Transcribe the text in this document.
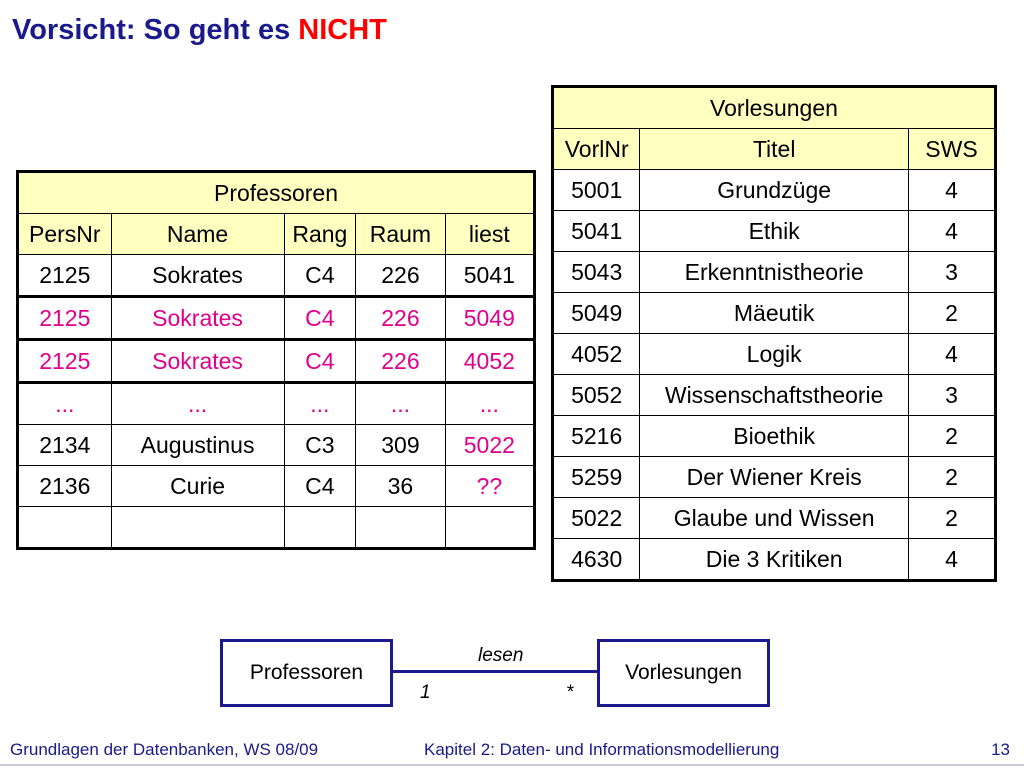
Vorsicht: So geht es NICHT
Professoren				
PersNr	Name	Rang	Raum	liest
2125	Sokrates	C4	226	5041
2125	Sokrates	C4	226	5049
2125	Sokrates	C4	226	4052
...	...	...	...	...
2134	Augustinus	C3	309	5022
2136	Curie	C4	36	??

Vorlesungen		
VorlNr	Titel	SWS
5001	Grundzüge	4
5041	Ethik	4
5043	Erkenntnistheorie	3
5049	Mäeutik	2
4052	Logik	4
5052	Wissenschaftstheorie	3
5216	Bioethik	2
5259	Der Wiener Kreis	2
5022	Glaube und Wissen	2
4630	Die 3 Kritiken	4
Professoren	Vorlesungen
lesen
1	*
Grundlagen der Datenbanken, WS 08/09	Kapitel 2: Daten- und Informationsmodellierung	13
